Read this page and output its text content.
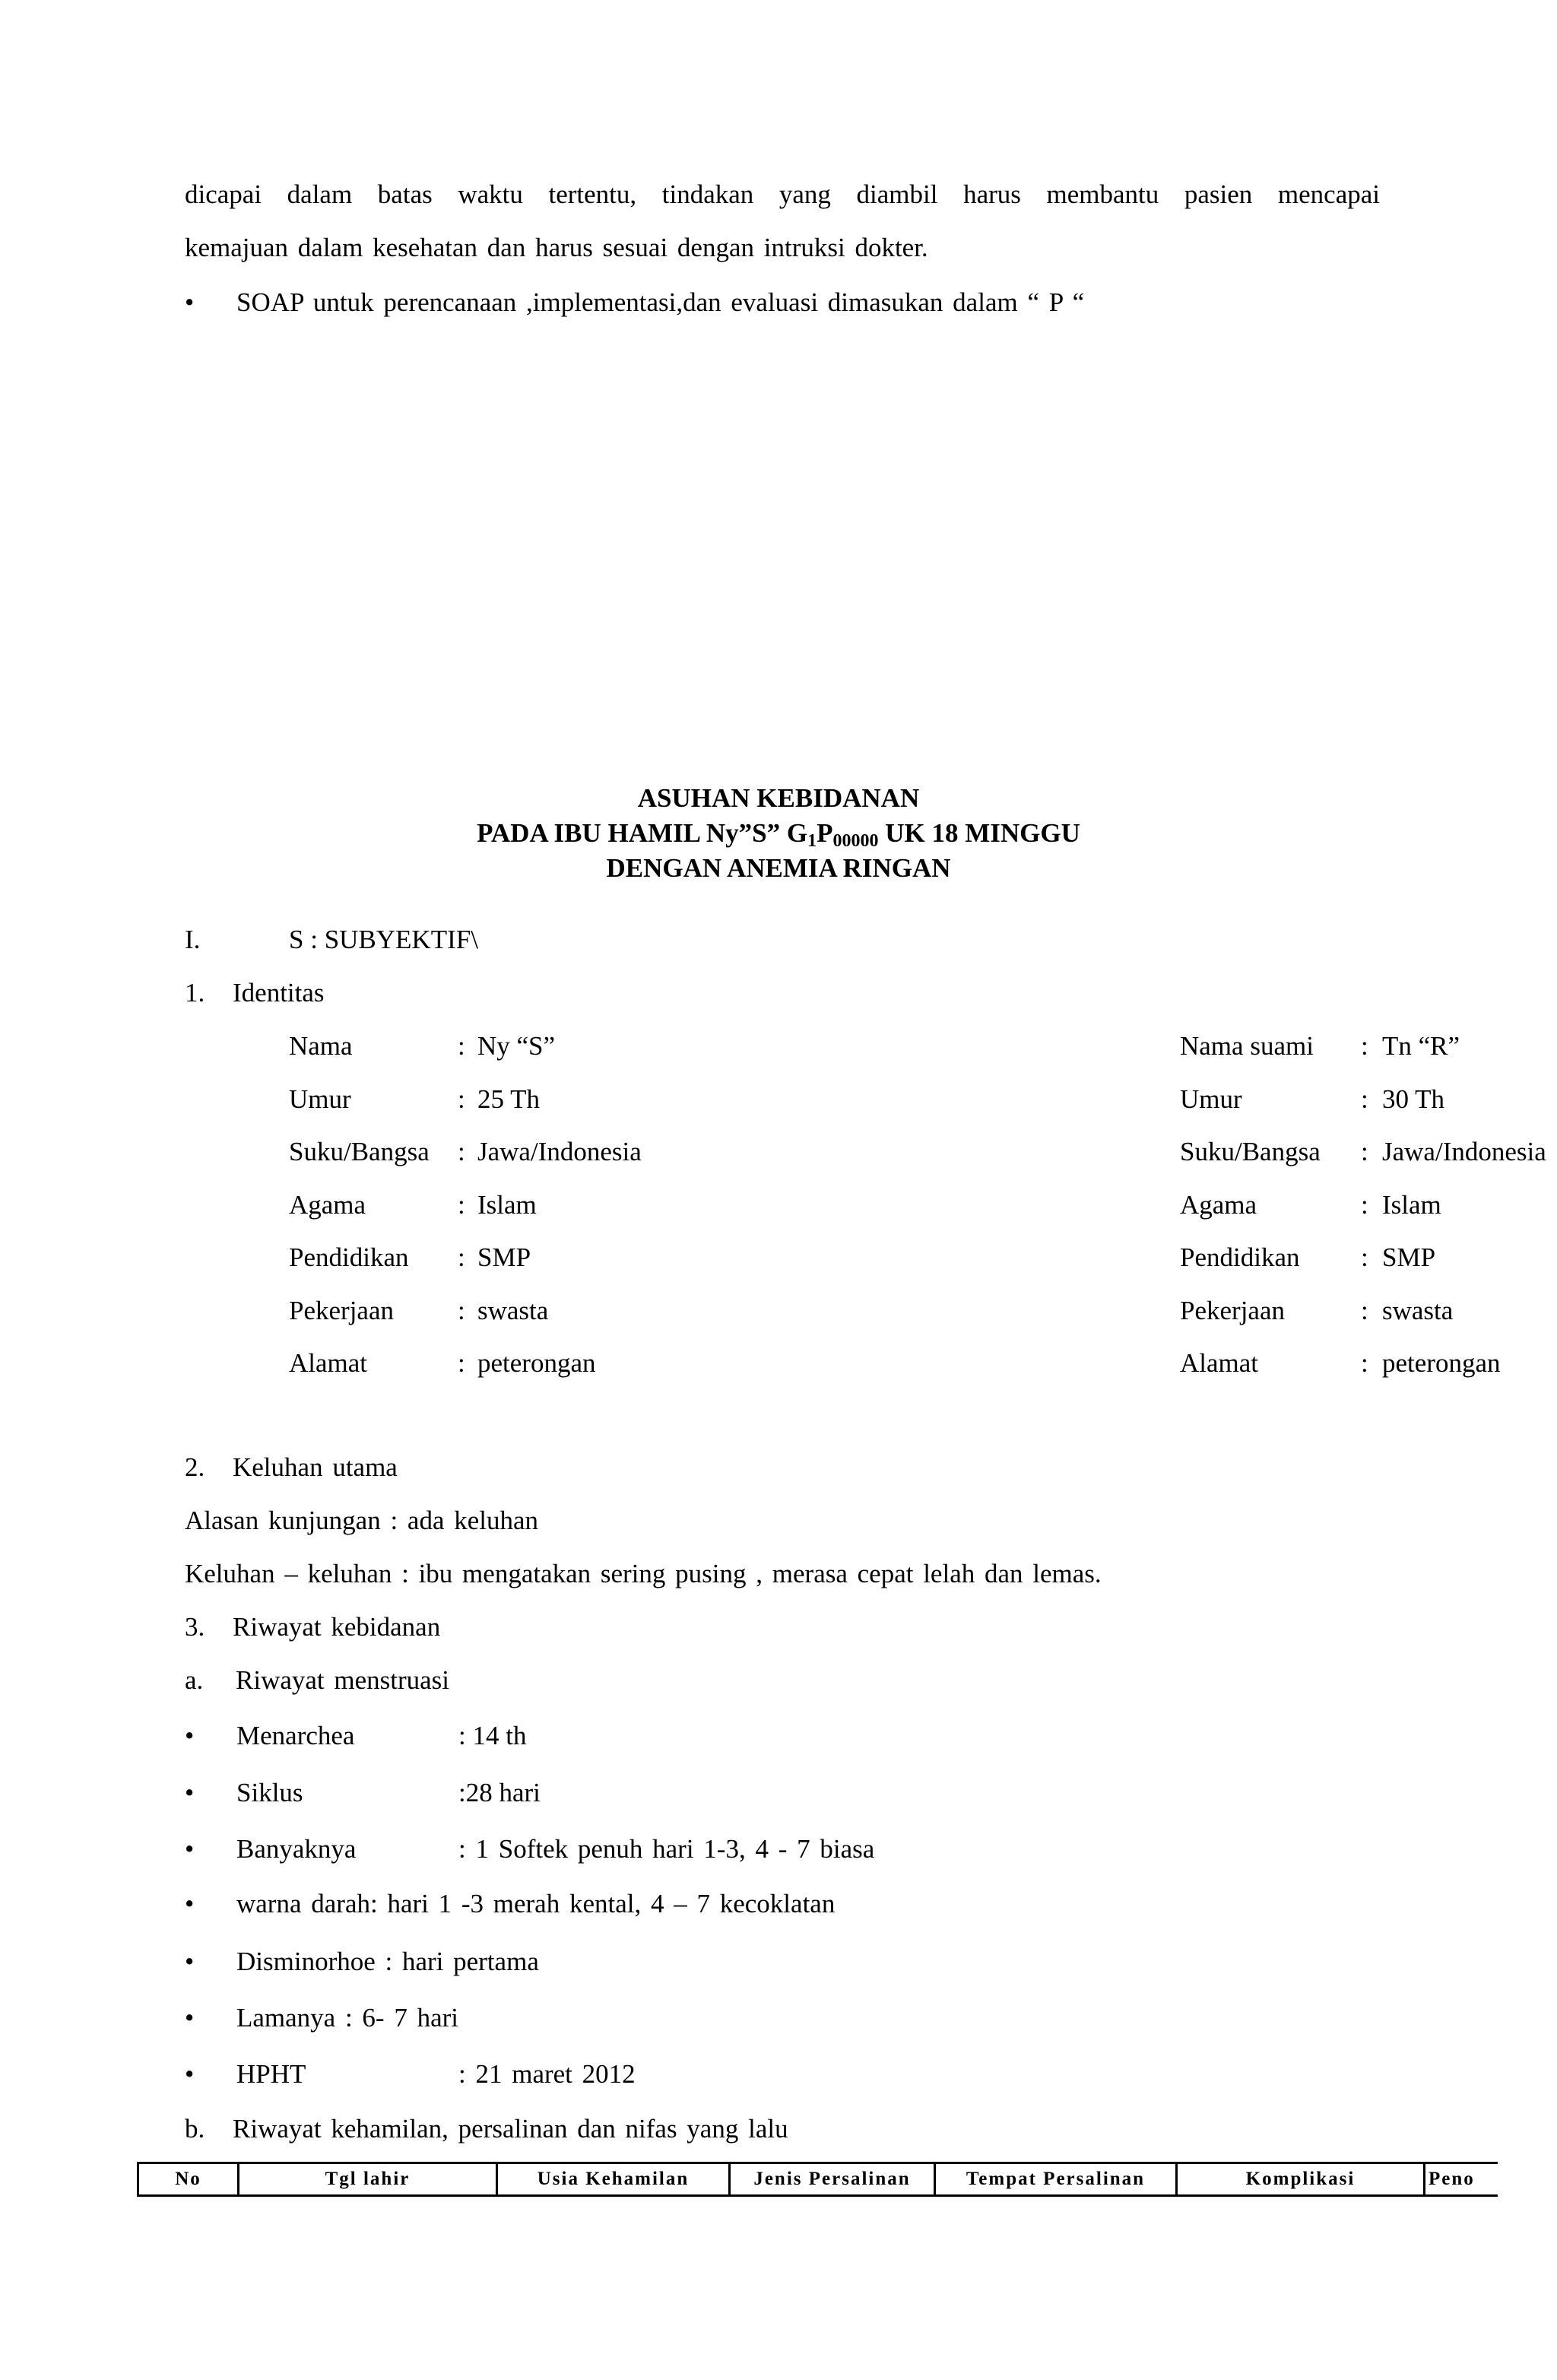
dicapai dalam batas waktu tertentu, tindakan yang diambil harus membantu pasien mencapai
kemajuan dalam kesehatan dan harus sesuai dengan intruksi dokter.
• SOAP untuk perencanaan ,implementasi,dan evaluasi dimasukan dalam “ P “
ASUHAN KEBIDANAN
PADA IBU HAMIL Ny”S” $G_1P_{00000}$ UK 18 MINGGU
DENGAN ANEMIA RINGAN
I.	S : SUBYEKTIF\
1. Identitas
Nama	: Ny “S”	Nama suami : Tn “R”
Umur	: 25 Th	Umur	: 30 Th
Suku/Bangsa : Jawa/Indonesia	Suku/Bangsa : Jawa/Indonesia
Agama	: Islam	Agama	: Islam
Pendidikan : SMP	Pendidikan : SMP
Pekerjaan : swasta	Pekerjaan	: swasta
Alamat	: peterongan	Alamat	: peterongan
2. Keluhan utama
Alasan kunjungan : ada keluhan
Keluhan – keluhan : ibu mengatakan sering pusing , merasa cepat lelah dan lemas.
3. Riwayat kebidanan
a. Riwayat menstruasi
• Menarchea	: 14 th
• Siklus	:28 hari
• Banyaknya	: 1 Softek penuh hari 1-3, 4 - 7 biasa
• warna darah: hari 1 -3 merah kental, 4 – 7 kecoklatan
• Disminorhoe : hari pertama
• Lamanya : 6- 7 hari
• HPHT	: 21 maret 2012
b. Riwayat kehamilan, persalinan dan nifas yang lalu
No	Tgl lahir	Usia Kehamilan	Jenis Persalinan	Tempat Persalinan	Komplikasi	Peno
